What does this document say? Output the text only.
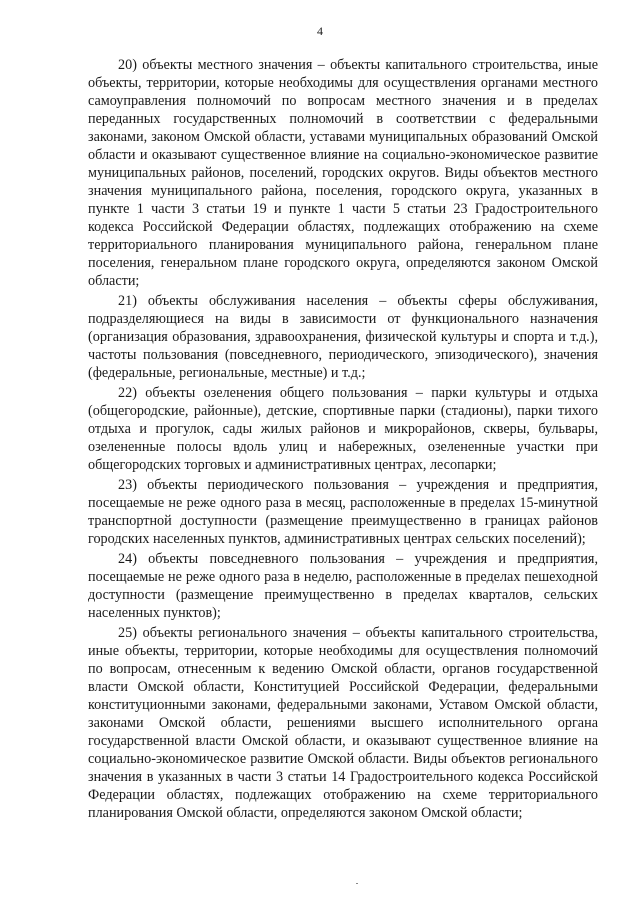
4

20) объекты местного значения – объекты капитального строительства, иные объекты, территории, которые необходимы для осуществления органами местного самоуправления полномочий по вопросам местного значения и в пределах переданных государственных полномочий в соответствии с федеральными законами, законом Омской области, уставами муниципальных образований Омской области и оказывают существенное влияние на социально-экономическое развитие муниципальных районов, поселений, городских округов. Виды объектов местного значения муниципального района, поселения, городского округа, указанных в пункте 1 части 3 статьи 19 и пункте 1 части 5 статьи 23 Градостроительного кодекса Российской Федерации областях, подлежащих отображению на схеме территориального планирования муниципального района, генеральном плане поселения, генеральном плане городского округа, определяются законом Омской области;

21) объекты обслуживания населения – объекты сферы обслуживания, подразделяющиеся на виды в зависимости от функционального назначения (организация образования, здравоохранения, физической культуры и спорта и т.д.), частоты пользования (повседневного, периодического, эпизодического), значения (федеральные, региональные, местные) и т.д.;

22) объекты озеленения общего пользования – парки культуры и отдыха (общегородские, районные), детские, спортивные парки (стадионы), парки тихого отдыха и прогулок, сады жилых районов и микрорайонов, скверы, бульвары, озелененные полосы вдоль улиц и набережных, озелененные участки при общегородских торговых и административных центрах, лесопарки;

23) объекты периодического пользования – учреждения и предприятия, посещаемые не реже одного раза в месяц, расположенные в пределах 15-минутной транспортной доступности (размещение преимущественно в границах районов городских населенных пунктов, административных центрах сельских поселений);

24) объекты повседневного пользования – учреждения и предприятия, посещаемые не реже одного раза в неделю, расположенные в пределах пешеходной доступности (размещение преимущественно в пределах кварталов, сельских населенных пунктов);

25) объекты регионального значения – объекты капитального строительства, иные объекты, территории, которые необходимы для осуществления полномочий по вопросам, отнесенным к ведению Омской области, органов государственной власти Омской области, Конституцией Российской Федерации, федеральными конституционными законами, федеральными законами, Уставом Омской области, законами Омской области, решениями высшего исполнительного органа государственной власти Омской области, и оказывают существенное влияние на социально-экономическое развитие Омской области. Виды объектов регионального значения в указанных в части 3 статьи 14 Градостроительного кодекса Российской Федерации областях, подлежащих отображению на схеме территориального планирования Омской области, определяются законом Омской области;
